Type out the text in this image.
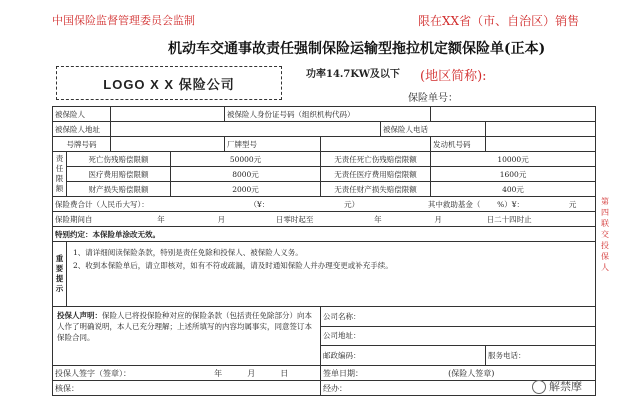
中国保险监督管理委员会监制	限在XX省（市、自治区）销售
机动车交通事故责任强制保险运输型拖拉机定额保险单(正本)
LOGO X X 保险公司
功率14.7KW及以下 (地区简称):
保险单号：
被保险人				被保险人身份证号码（组织机构代码）				
被保险人地址						被保险人电话		
号牌号码				厂牌型号			发动机号码	
责任限额	死亡伤残赔偿限额		50000元		无责任死亡伤残赔偿限额		10000元	
	医疗费用赔偿限额		8000元		无责任医疗费用赔偿限额		1600元	
	财产损失赔偿限额		2000元		无责任财产损失赔偿限额		400元	
保险费合计（人民币大写）： （¥： 元） 其中救助基金（ %）¥： 元								
保险期间自 年 月 日零时起至 年 月 日二十四时止								
特别约定：本保险单涂改无效。								
重要提示	1、请详细阅读保险条款，特别是责任免除和投保人、被保险人义务。
2、收到本保险单后，请立即核对，如有不符或疏漏，请及时通知保险人并办理变更或补充手续。							

投保人声明：保险人已将投保险种对应的保险条款（包括责任免除部分）向本人作了明确说明，本人已充分理解；上述所填写的内容均属事实，同意签订本保险合同。					公司名称：			
					公司地址：			
					邮政编码：			服务电话：
投保人签字（签章）： 年 月 日					签单日期： (保险人签章)			
核保：					经办：			
第四联 交投保人
解禁摩
